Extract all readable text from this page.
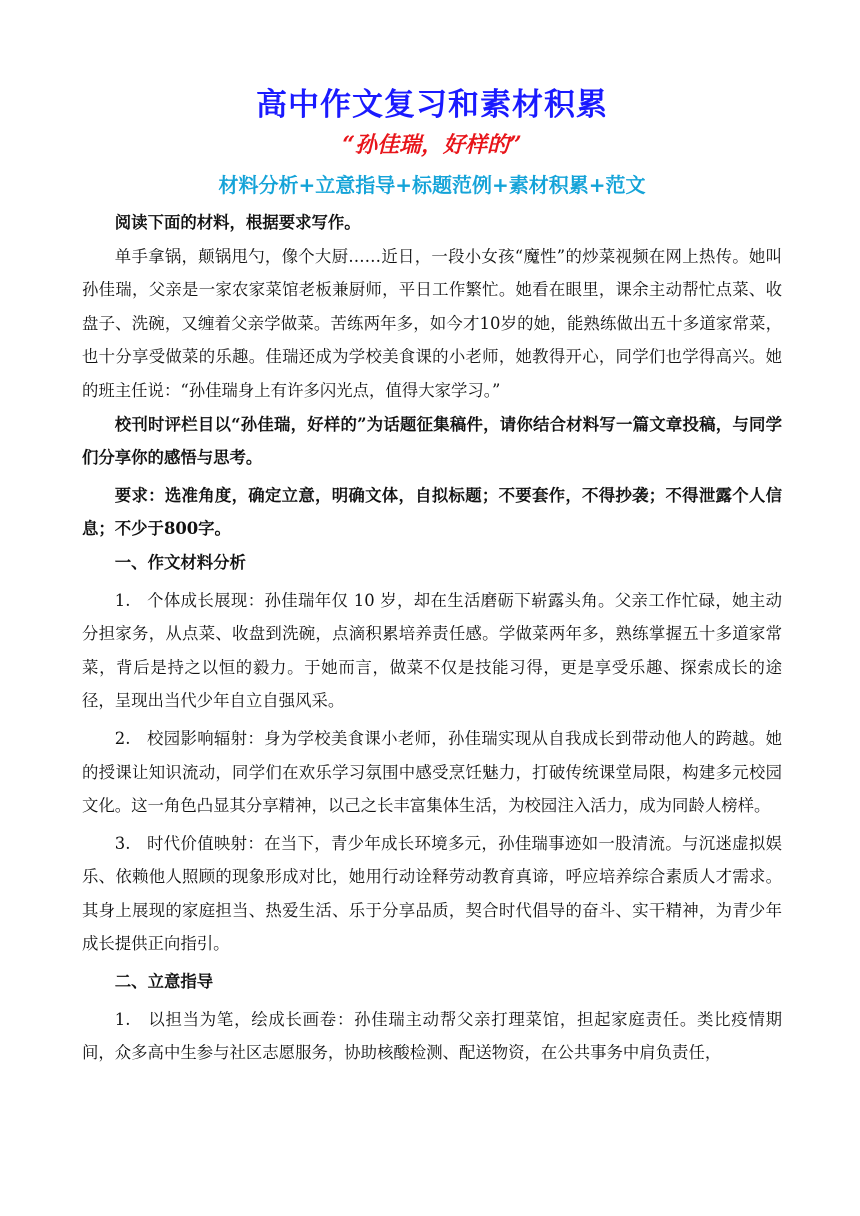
高中作文复习和素材积累
“孙佳瑞，好样的”
材料分析+立意指导+标题范例+素材积累+范文

阅读下面的材料，根据要求写作。

单手拿锅，颠锅甩勺，像个大厨……近日，一段小女孩“魔性”的炒菜视频在网上热传。她叫孙佳瑞，父亲是一家农家菜馆老板兼厨师，平日工作繁忙。她看在眼里，课余主动帮忙点菜、收盘子、洗碗，又缠着父亲学做菜。苦练两年多，如今才10岁的她，能熟练做出五十多道家常菜，也十分享受做菜的乐趣。佳瑞还成为学校美食课的小老师，她教得开心，同学们也学得高兴。她的班主任说：“孙佳瑞身上有许多闪光点，值得大家学习。”

校刊时评栏目以“孙佳瑞，好样的”为话题征集稿件，请你结合材料写一篇文章投稿，与同学们分享你的感悟与思考。

要求：选准角度，确定立意，明确文体，自拟标题；不要套作，不得抄袭；不得泄露个人信息；不少于800字。

一、作文材料分析

1.   个体成长展现：孙佳瑞年仅 10 岁，却在生活磨砺下崭露头角。父亲工作忙碌，她主动分担家务，从点菜、收盘到洗碗，点滴积累培养责任感。学做菜两年多，熟练掌握五十多道家常菜，背后是持之以恒的毅力。于她而言，做菜不仅是技能习得，更是享受乐趣、探索成长的途径，呈现出当代少年自立自强风采。

2.   校园影响辐射：身为学校美食课小老师，孙佳瑞实现从自我成长到带动他人的跨越。她的授课让知识流动，同学们在欢乐学习氛围中感受烹饪魅力，打破传统课堂局限，构建多元校园文化。这一角色凸显其分享精神，以己之长丰富集体生活，为校园注入活力，成为同龄人榜样。

3.   时代价值映射：在当下，青少年成长环境多元，孙佳瑞事迹如一股清流。与沉迷虚拟娱乐、依赖他人照顾的现象形成对比，她用行动诠释劳动教育真谛，呼应培养综合素质人才需求。其身上展现的家庭担当、热爱生活、乐于分享品质，契合时代倡导的奋斗、实干精神，为青少年成长提供正向指引。

二、立意指导

1.   以担当为笔，绘成长画卷：孙佳瑞主动帮父亲打理菜馆，担起家庭责任。类比疫情期间，众多高中生参与社区志愿服务，协助核酸检测、配送物资，在公共事务中肩负责任，
